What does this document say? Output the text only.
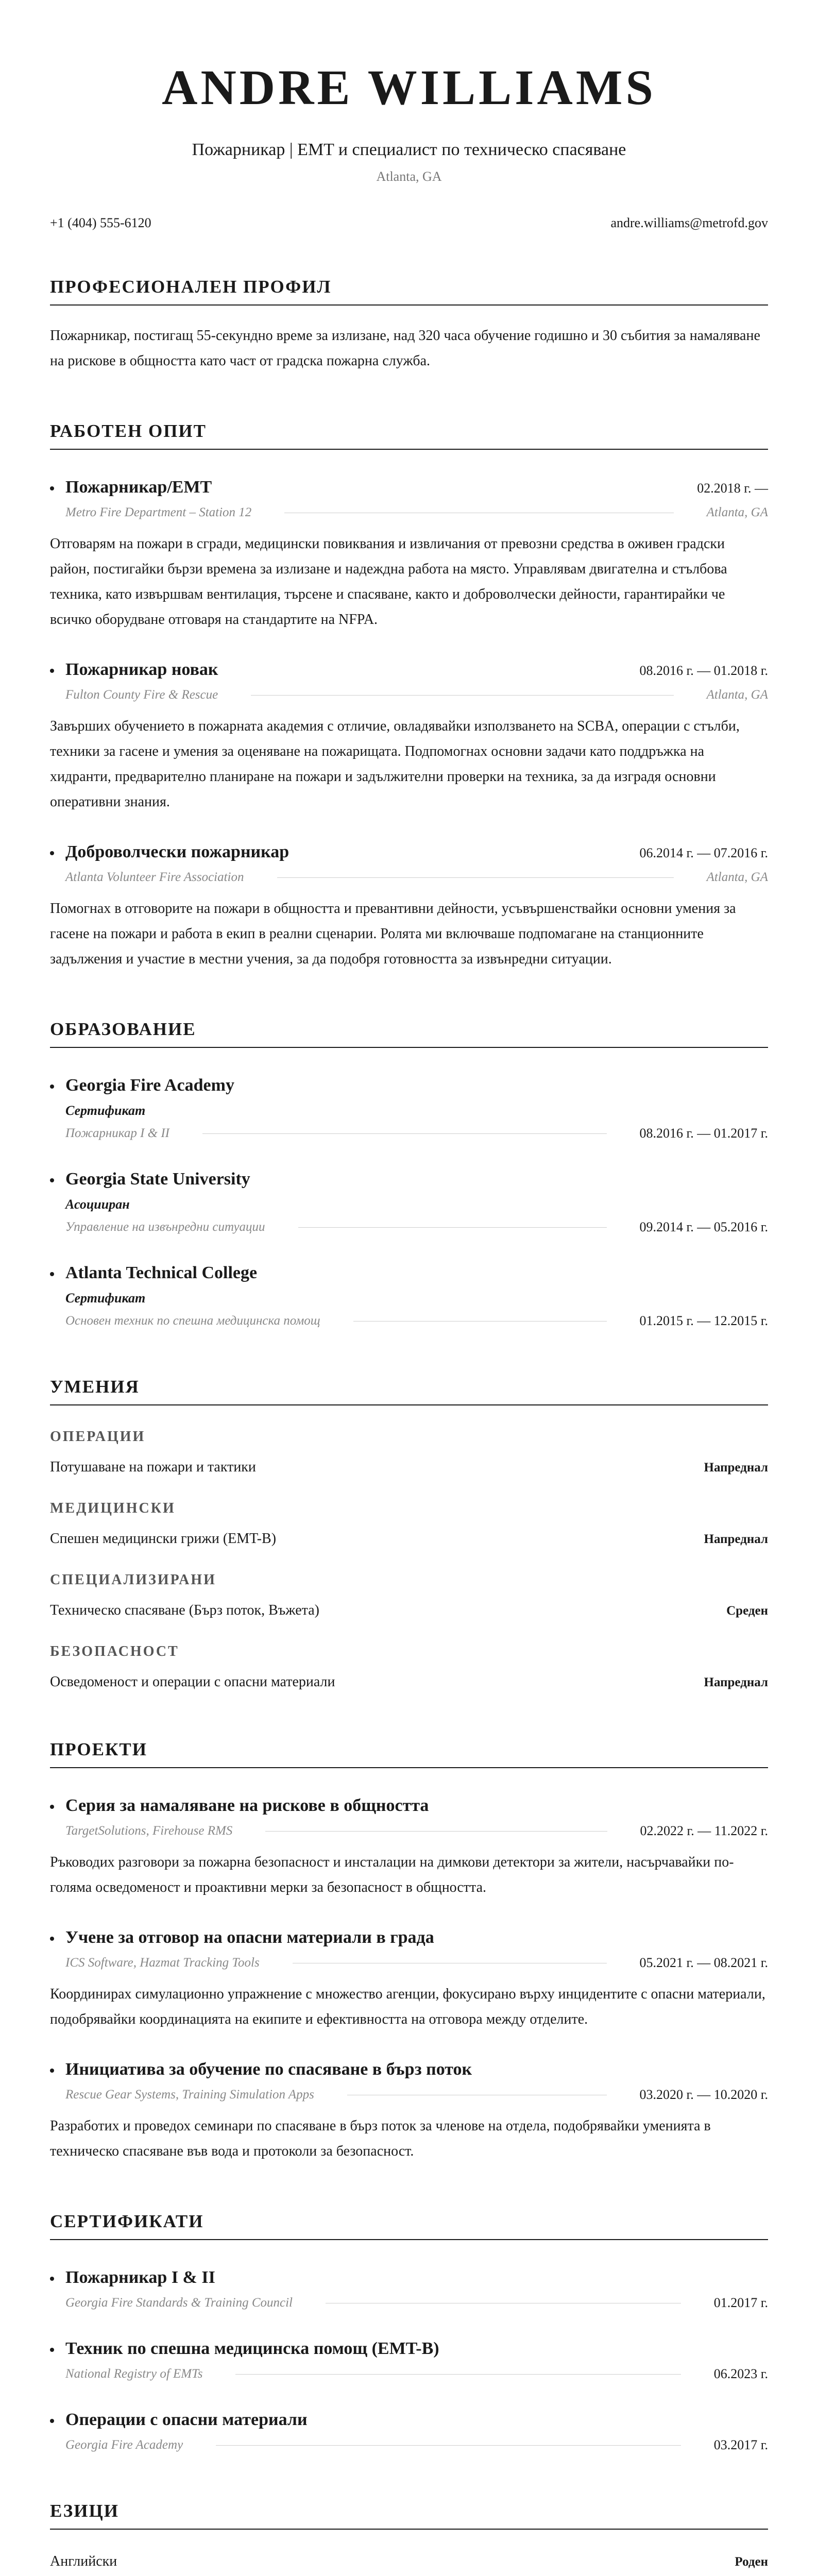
ANDRE WILLIAMS
Пожарникар | EMT и специалист по техническо спасяване
Atlanta, GA
+1 (404) 555-6120	andre.williams@metrofd.gov
ПРОФЕСИОНАЛЕН ПРОФИЛ
Пожарникар, постигащ 55-секундно време за излизане, над 320 часа обучение годишно и 30 събития за намаляване на рискове в общността като част от градска пожарна служба.
РАБОТЕН ОПИТ
Пожарникар/EMT	02.2018 г. —
Metro Fire Department – Station 12	Atlanta, GA
Отговарям на пожари в сгради, медицински повиквания и извличания от превозни средства в оживен градски район, постигайки бързи времена за излизане и надеждна работа на място. Управлявам двигателна и стълбова техника, като извършвам вентилация, търсене и спасяване, както и доброволчески дейности, гарантирайки че всичко оборудване отговаря на стандартите на NFPA.
Пожарникар новак	08.2016 г. — 01.2018 г.
Fulton County Fire & Rescue	Atlanta, GA
Завърших обучението в пожарната академия с отличие, овладявайки използването на SCBA, операции с стълби, техники за гасене и умения за оценяване на пожарищата. Подпомогнах основни задачи като поддръжка на хидранти, предварително планиране на пожари и задължителни проверки на техника, за да изградя основни оперативни знания.
Доброволчески пожарникар	06.2014 г. — 07.2016 г.
Atlanta Volunteer Fire Association	Atlanta, GA
Помогнах в отговорите на пожари в общността и превантивни дейности, усъвършенствайки основни умения за гасене на пожари и работа в екип в реални сценарии. Ролята ми включваше подпомагане на станционните задължения и участие в местни учения, за да подобря готовността за извънредни ситуации.
ОБРАЗОВАНИЕ
Georgia Fire Academy
Сертификат
Пожарникар I & II	08.2016 г. — 01.2017 г.
Georgia State University
Асоцииран
Управление на извънредни ситуации	09.2014 г. — 05.2016 г.
Atlanta Technical College
Сертификат
Основен техник по спешна медицинска помощ	01.2015 г. — 12.2015 г.
УМЕНИЯ
ОПЕРАЦИИ
Потушаване на пожари и тактики	Напреднал
МЕДИЦИНСКИ
Спешен медицински грижи (EMT-B)	Напреднал
СПЕЦИАЛИЗИРАНИ
Техническо спасяване (Бърз поток, Въжета)	Среден
БЕЗОПАСНОСТ
Осведоменост и операции с опасни материали	Напреднал
ПРОЕКТИ
Серия за намаляване на рискове в общността
TargetSolutions, Firehouse RMS	02.2022 г. — 11.2022 г.
Ръководих разговори за пожарна безопасност и инсталации на димкови детектори за жители, насърчавайки по-голяма осведоменост и проактивни мерки за безопасност в общността.
Учене за отговор на опасни материали в града
ICS Software, Hazmat Tracking Tools	05.2021 г. — 08.2021 г.
Координирах симулационно упражнение с множество агенции, фокусирано върху инцидентите с опасни материали, подобрявайки координацията на екипите и ефективността на отговора между отделите.
Инициатива за обучение по спасяване в бърз поток
Rescue Gear Systems, Training Simulation Apps	03.2020 г. — 10.2020 г.
Разработих и проведох семинари по спасяване в бърз поток за членове на отдела, подобрявайки уменията в техническо спасяване във вода и протоколи за безопасност.
СЕРТИФИКАТИ
Пожарникар I & II
Georgia Fire Standards & Training Council	01.2017 г.
Техник по спешна медицинска помощ (EMT-B)
National Registry of EMTs	06.2023 г.
Операции с опасни материали
Georgia Fire Academy	03.2017 г.
ЕЗИЦИ
Английски	Роден
